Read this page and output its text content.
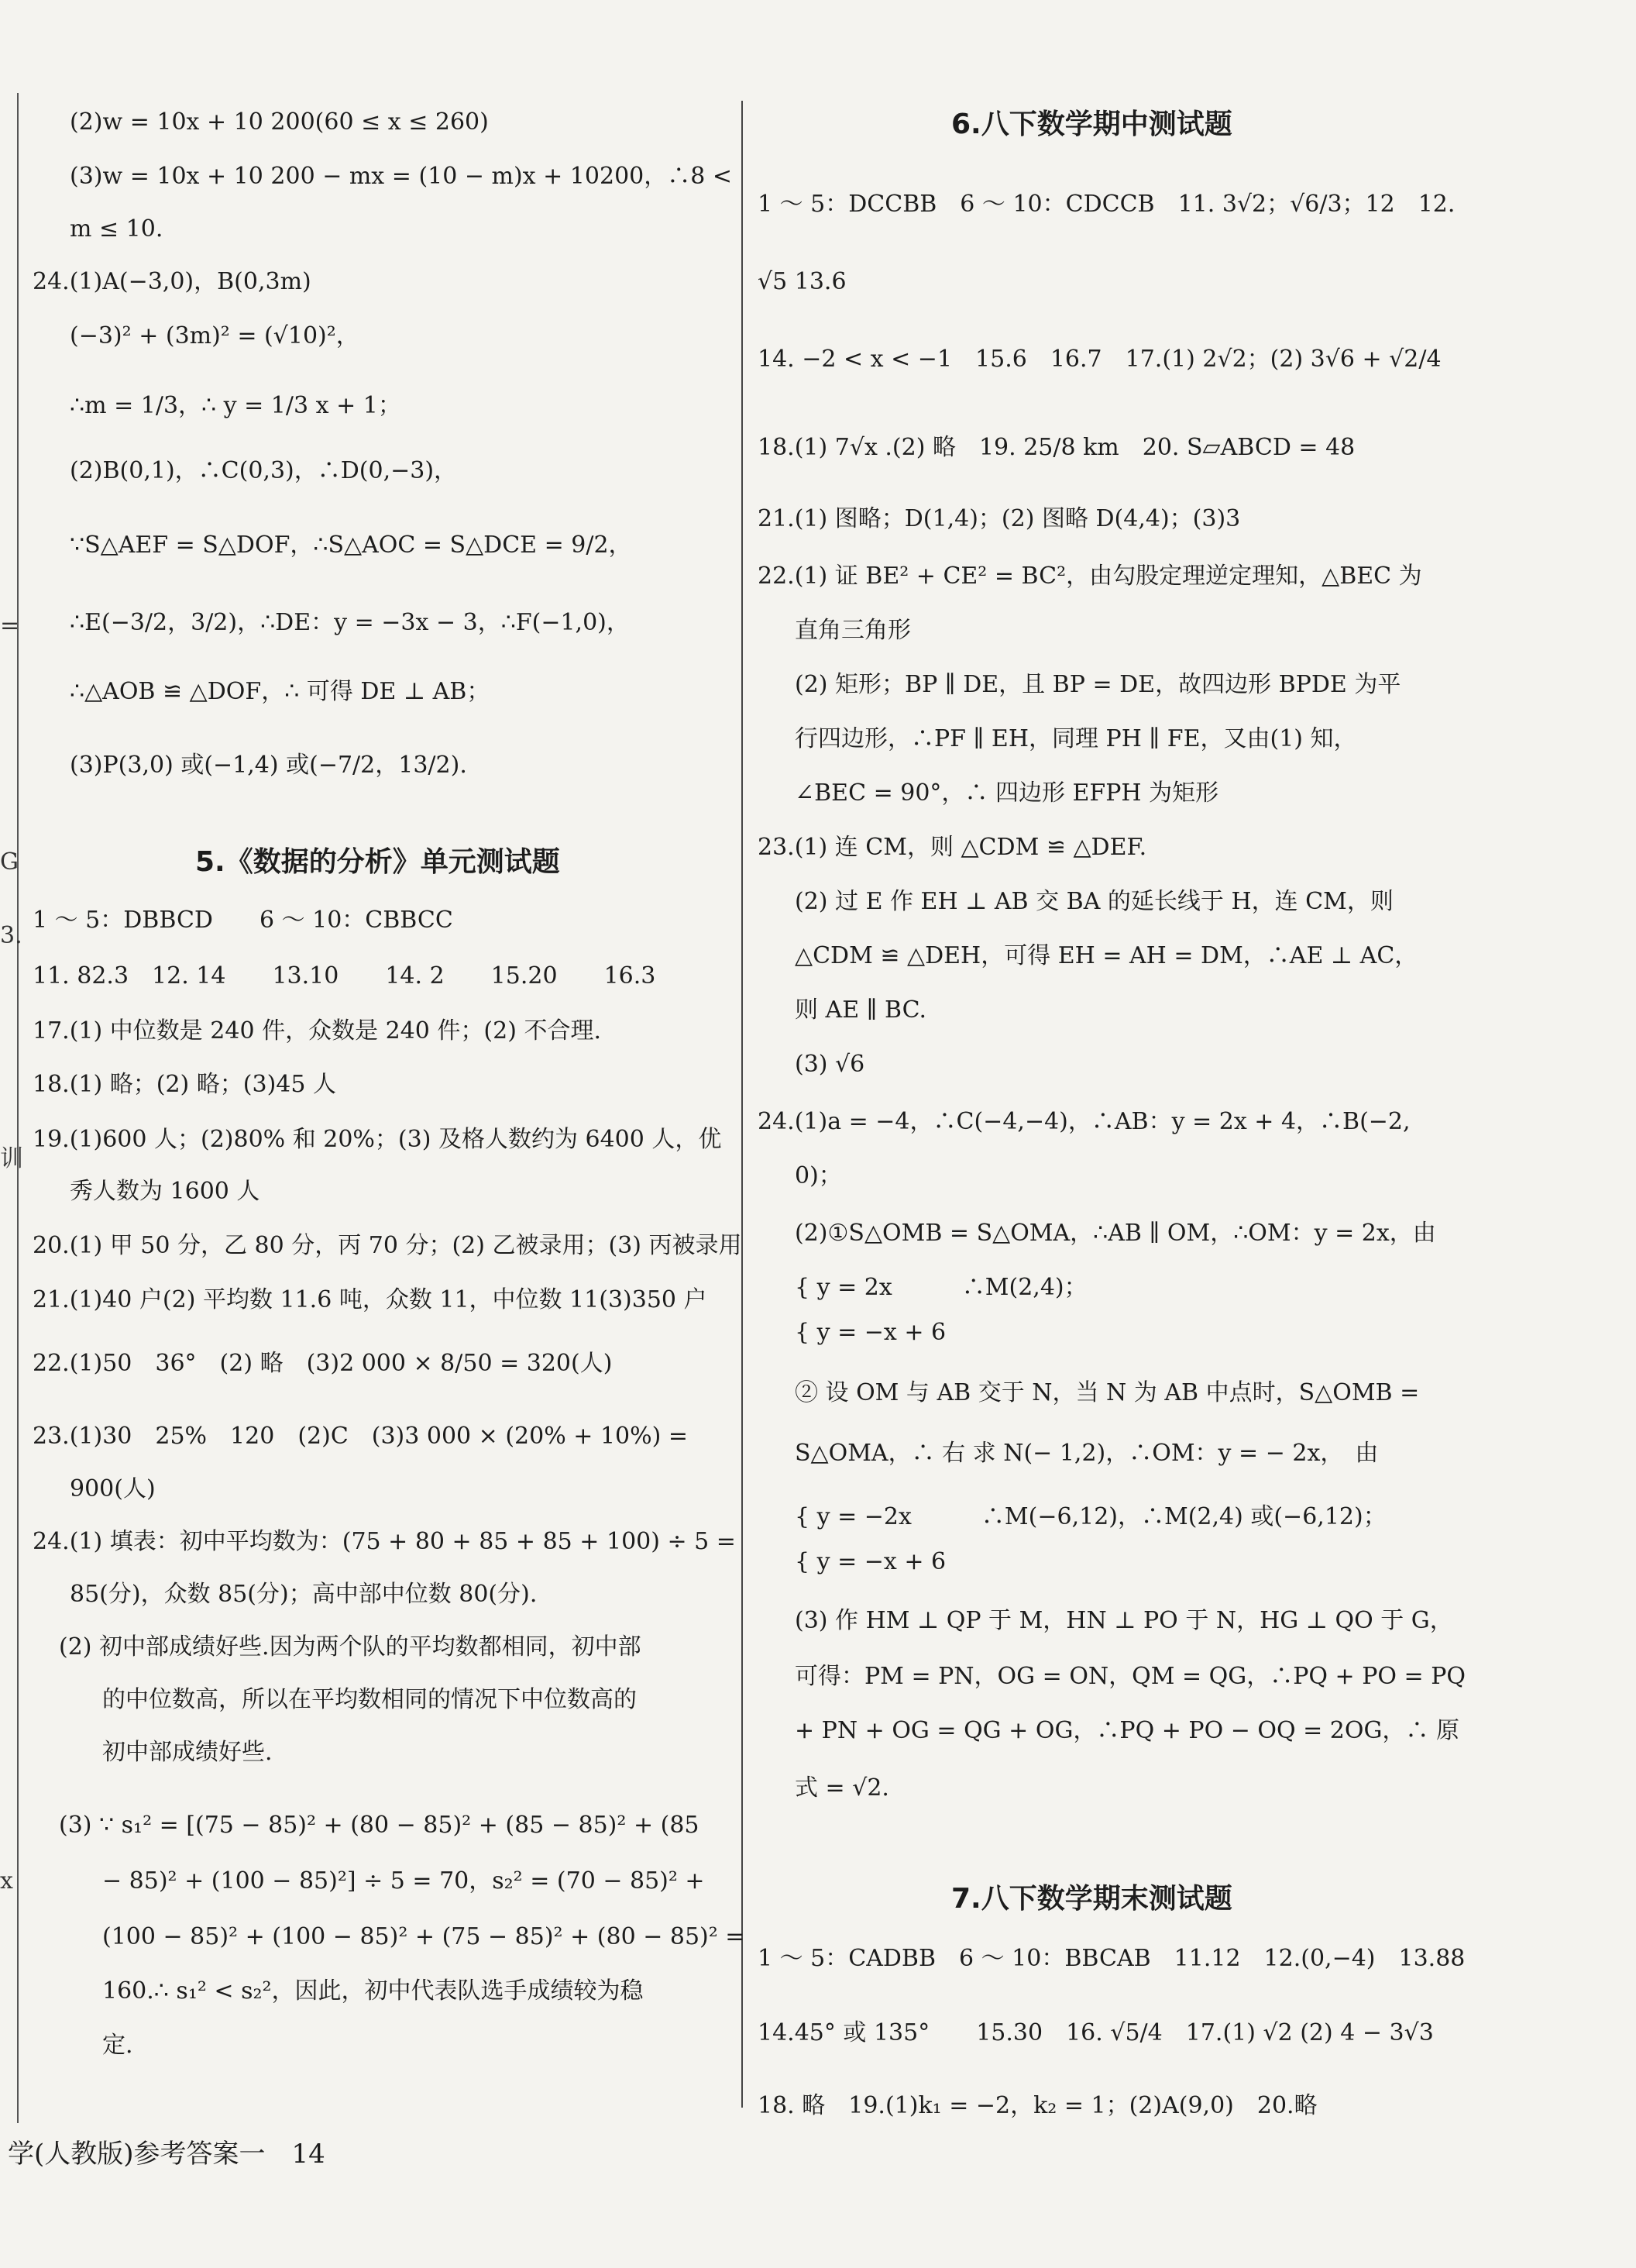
=
G
3.
训
x
(2)w = 10x + 10 200(60 ≤ x ≤ 260)
(3)w = 10x + 10 200 − mx = (10 − m)x + 10200，∴8 <
m ≤ 10.
24.(1)A(−3,0)，B(0,3m)
(−3)² + (3m)² = (√10)²，
∴m = 1/3，∴ y = 1/3 x + 1；
(2)B(0,1)，∴C(0,3)，∴D(0,−3)，
∵S△AEF = S△DOF，∴S△AOC = S△DCE = 9/2，
∴E(−3/2，3/2)，∴DE：y = −3x − 3，∴F(−1,0)，
∴△AOB ≌ △DOF，∴ 可得 DE ⊥ AB；
(3)P(3,0) 或(−1,4) 或(−7/2，13/2).
5.《数据的分析》单元测试题
1 ～ 5：DBBCD　　6 ～ 10：CBBCC
11. 82.3　12. 14　　13.10　　14. 2　　15.20　　16.3
17.(1) 中位数是 240 件，众数是 240 件；(2) 不合理.
18.(1) 略；(2) 略；(3)45 人
19.(1)600 人；(2)80% 和 20%；(3) 及格人数约为 6400 人，优
秀人数为 1600 人
20.(1) 甲 50 分，乙 80 分，丙 70 分；(2) 乙被录用；(3) 丙被录用
21.(1)40 户(2) 平均数 11.6 吨，众数 11，中位数 11(3)350 户
22.(1)50　36°　(2) 略　(3)2 000 × 8/50 = 320(人)
23.(1)30　25%　120　(2)C　(3)3 000 × (20% + 10%) =
900(人)
24.(1) 填表：初中平均数为：(75 + 80 + 85 + 85 + 100) ÷ 5 =
85(分)，众数 85(分)；高中部中位数 80(分).
(2) 初中部成绩好些.因为两个队的平均数都相同，初中部
的中位数高，所以在平均数相同的情况下中位数高的
初中部成绩好些.
(3) ∵ s₁² = [(75 − 85)² + (80 − 85)² + (85 − 85)² + (85
− 85)² + (100 − 85)²] ÷ 5 = 70，s₂² = (70 − 85)² +
(100 − 85)² + (100 − 85)² + (75 − 85)² + (80 − 85)² =
160.∴ s₁² < s₂²，因此，初中代表队选手成绩较为稳
定.
6.八下数学期中测试题
1 ～ 5：DCCBB　6 ～ 10：CDCCB　11. 3√2；√6/3；12　12.
√5 13.6
14. −2 < x < −1　15.6　16.7　17.(1) 2√2；(2) 3√6 + √2/4
18.(1) 7√x .(2) 略　19. 25/8 km　20. S▱ABCD = 48
21.(1) 图略；D(1,4)；(2) 图略 D(4,4)；(3)3
22.(1) 证 BE² + CE² = BC²，由勾股定理逆定理知，△BEC 为
直角三角形
(2) 矩形；BP ∥ DE，且 BP = DE，故四边形 BPDE 为平
行四边形，∴PF ∥ EH，同理 PH ∥ FE，又由(1) 知，
∠BEC = 90°，∴ 四边形 EFPH 为矩形
23.(1) 连 CM，则 △CDM ≌ △DEF.
(2) 过 E 作 EH ⊥ AB 交 BA 的延长线于 H，连 CM，则
△CDM ≌ △DEH，可得 EH = AH = DM，∴AE ⊥ AC，
则 AE ∥ BC.
(3) √6
24.(1)a = −4，∴C(−4,−4)，∴AB：y = 2x + 4，∴B(−2,
0)；
(2)①S△OMB = S△OMA，∴AB ∥ OM，∴OM：y = 2x，由
{ y = 2x　　　∴M(2,4)；
{ y = −x + 6
② 设 OM 与 AB 交于 N，当 N 为 AB 中点时，S△OMB =
S△OMA，∴ 右 求 N(− 1,2)，∴OM：y = − 2x，　由
{ y = −2x　　　∴M(−6,12)，∴M(2,4) 或(−6,12)；
{ y = −x + 6
(3) 作 HM ⊥ QP 于 M，HN ⊥ PO 于 N，HG ⊥ QO 于 G，
可得：PM = PN，OG = ON，QM = QG，∴PQ + PO = PQ
+ PN + OG = QG + OG，∴PQ + PO − OQ = 2OG，∴ 原
式 = √2.
7.八下数学期末测试题
1 ～ 5：CADBB　6 ～ 10：BBCAB　11.12　12.(0,−4)　13.88
14.45° 或 135°　　15.30　16. √5/4　17.(1) √2 (2) 4 − 3√3
18. 略　19.(1)k₁ = −2，k₂ = 1；(2)A(9,0)　20.略
学(人教版)参考答案一　14
